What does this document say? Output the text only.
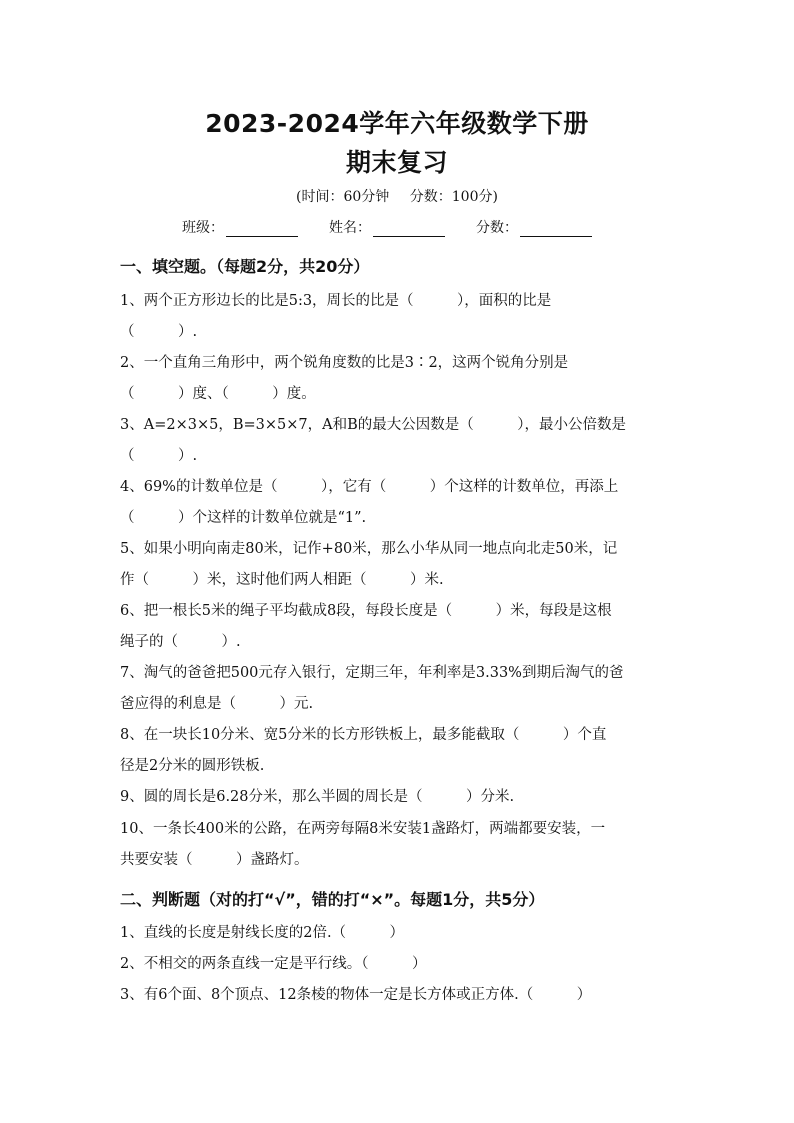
2023-2024学年六年级数学下册
期末复习
(时间：60分钟 分数：100分)
班级：	姓名：	分数：
一、填空题。（每题2分，共20分）
1、两个正方形边长的比是5:3，周长的比是（　　　），面积的比是
（　　　）.
2、一个直角三角形中，两个锐角度数的比是3∶2，这两个锐角分别是
（　　　）度、（　　　）度。
3、A=2×3×5，B=3×5×7，A和B的最大公因数是（　　　），最小公倍数是
（　　　）.
4、69%的计数单位是（　　　），它有（　　　）个这样的计数单位，再添上
（　　　）个这样的计数单位就是“1”.
5、如果小明向南走80米，记作+80米，那么小华从同一地点向北走50米，记
作（　　　）米，这时他们两人相距（　　　）米.
6、把一根长5米的绳子平均截成8段，每段长度是（　　　）米，每段是这根
绳子的（　　　）.
7、淘气的爸爸把500元存入银行，定期三年，年利率是3.33%到期后淘气的爸
爸应得的利息是（　　　）元.
8、在一块长10分米、宽5分米的长方形铁板上，最多能截取（　　　）个直
径是2分米的圆形铁板.
9、圆的周长是6.28分米，那么半圆的周长是（　　　）分米.
10、一条长400米的公路，在两旁每隔8米安装1盏路灯，两端都要安装，一
共要安装（　　　）盏路灯。
二、判断题（对的打“√”，错的打“×”。每题1分，共5分）
1、直线的长度是射线长度的2倍.（　　　）
2、不相交的两条直线一定是平行线。（　　　）
3、有6个面、8个顶点、12条棱的物体一定是长方体或正方体.（　　　）
